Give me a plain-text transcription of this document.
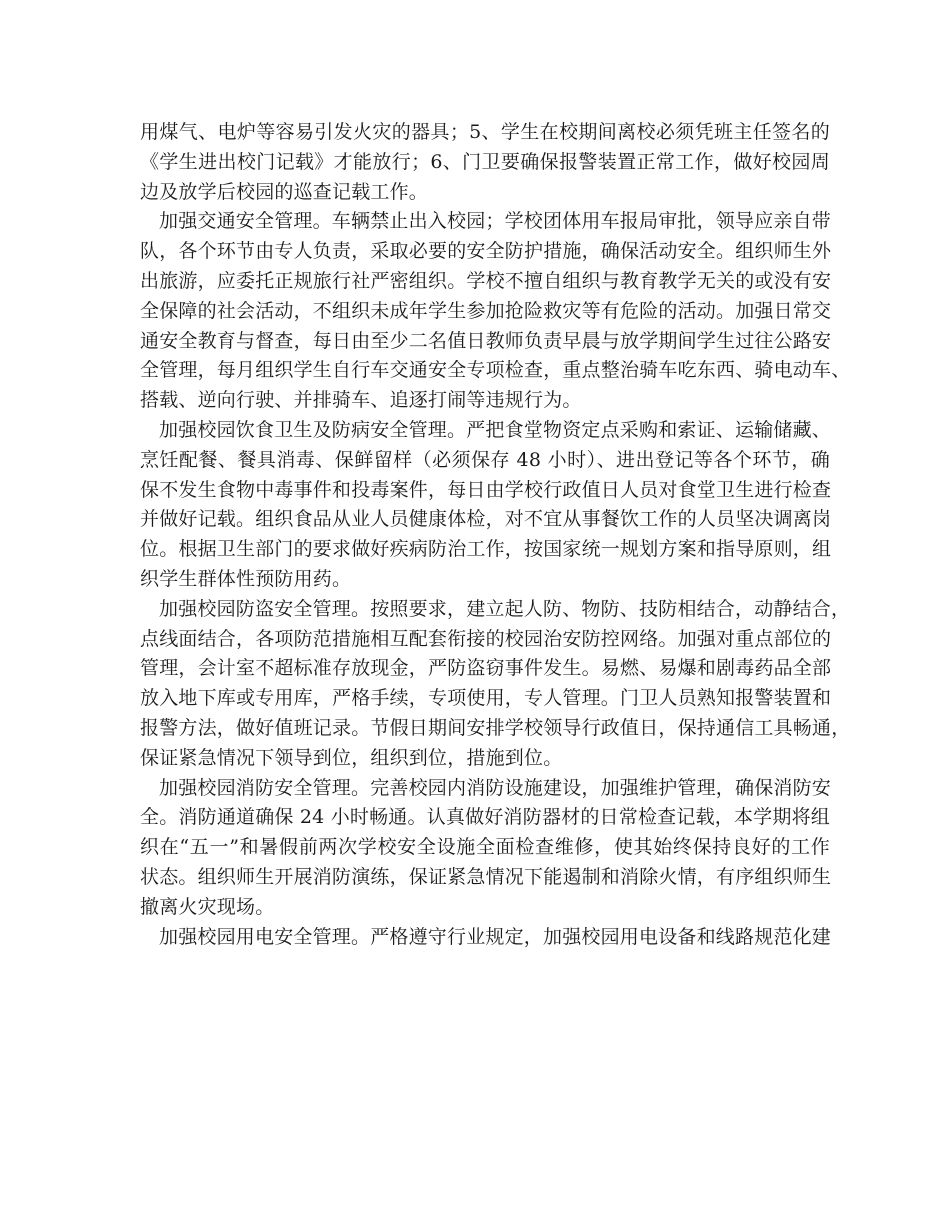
用煤气、电炉等容易引发火灾的器具；5、学生在校期间离校必须凭班主任签名的
《学生进出校门记载》才能放行；6、门卫要确保报警装置正常工作，做好校园周
边及放学后校园的巡查记载工作。
加强交通安全管理。车辆禁止出入校园；学校团体用车报局审批，领导应亲自带
队，各个环节由专人负责，采取必要的安全防护措施，确保活动安全。组织师生外
出旅游，应委托正规旅行社严密组织。学校不擅自组织与教育教学无关的或没有安
全保障的社会活动，不组织未成年学生参加抢险救灾等有危险的活动。加强日常交
通安全教育与督查，每日由至少二名值日教师负责早晨与放学期间学生过往公路安
全管理，每月组织学生自行车交通安全专项检查，重点整治骑车吃东西、骑电动车、
搭载、逆向行驶、并排骑车、追逐打闹等违规行为。
加强校园饮食卫生及防病安全管理。严把食堂物资定点采购和索证、运输储藏、
烹饪配餐、餐具消毒、保鲜留样（必须保存 48 小时）、进出登记等各个环节，确
保不发生食物中毒事件和投毒案件，每日由学校行政值日人员对食堂卫生进行检查
并做好记载。组织食品从业人员健康体检，对不宜从事餐饮工作的人员坚决调离岗
位。根据卫生部门的要求做好疾病防治工作，按国家统一规划方案和指导原则，组
织学生群体性预防用药。
加强校园防盗安全管理。按照要求，建立起人防、物防、技防相结合，动静结合，
点线面结合，各项防范措施相互配套衔接的校园治安防控网络。加强对重点部位的
管理，会计室不超标准存放现金，严防盗窃事件发生。易燃、易爆和剧毒药品全部
放入地下库或专用库，严格手续，专项使用，专人管理。门卫人员熟知报警装置和
报警方法，做好值班记录。节假日期间安排学校领导行政值日，保持通信工具畅通，
保证紧急情况下领导到位，组织到位，措施到位。
加强校园消防安全管理。完善校园内消防设施建设，加强维护管理，确保消防安
全。消防通道确保 24 小时畅通。认真做好消防器材的日常检查记载，本学期将组
织在“五一”和暑假前两次学校安全设施全面检查维修，使其始终保持良好的工作
状态。组织师生开展消防演练，保证紧急情况下能遏制和消除火情，有序组织师生
撤离火灾现场。
加强校园用电安全管理。严格遵守行业规定，加强校园用电设备和线路规范化建
